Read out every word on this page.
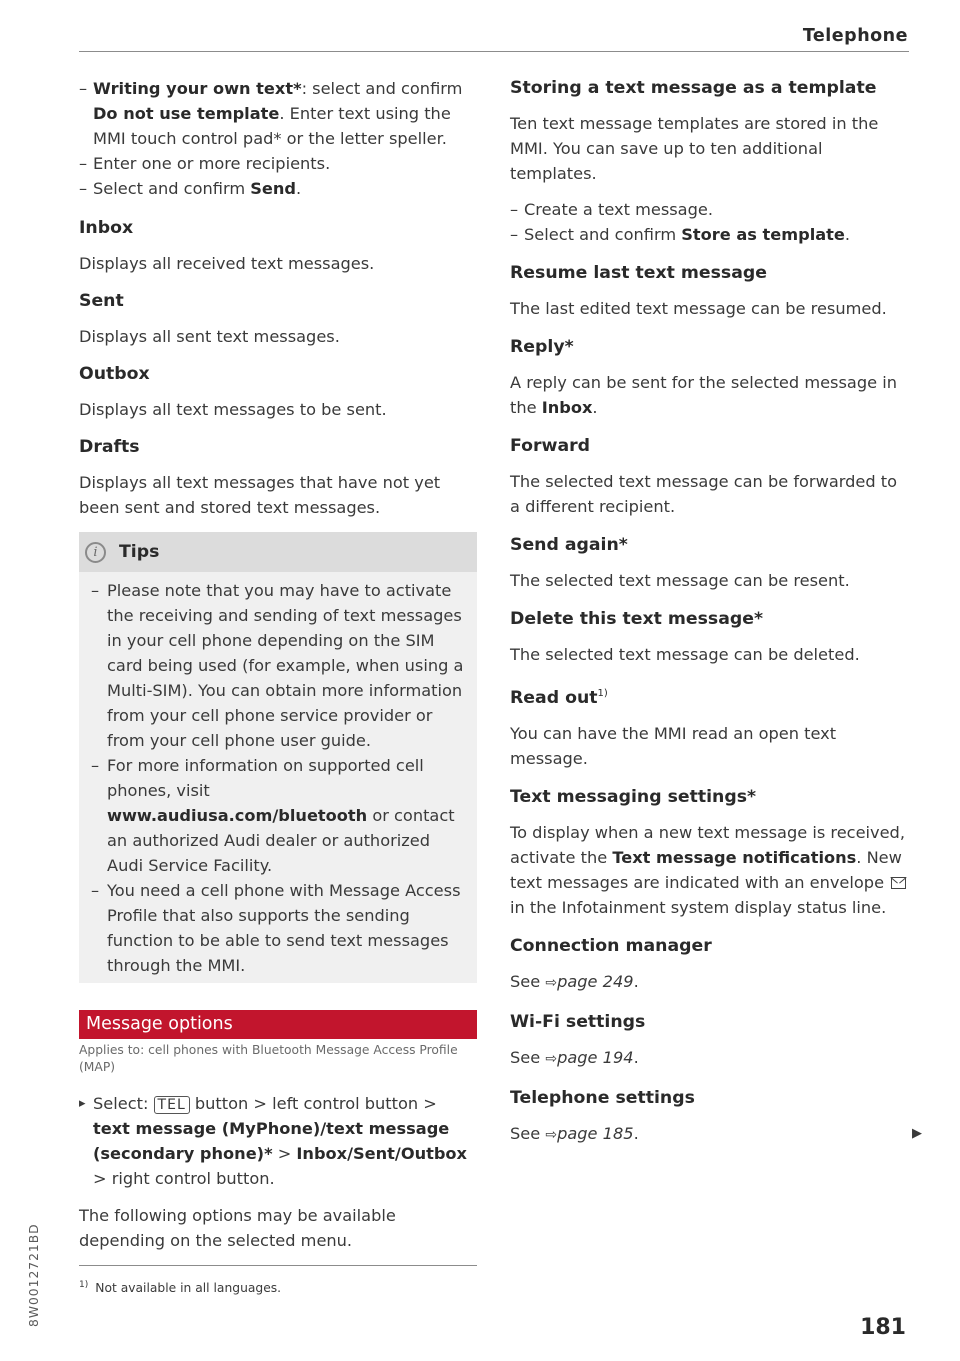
Telephone
– Writing your own text*: select and confirm Do not use template. Enter text using the MMI touch control pad* or the letter speller.
– Enter one or more recipients.
– Select and confirm Send.
Inbox

Displays all received text messages.

Sent

Displays all sent text messages.

Outbox

Displays all text messages to be sent.

Drafts

Displays all text messages that have not yet been sent and stored text messages.

i	Tips
– Please note that you may have to activate the receiving and sending of text messages in your cell phone depending on the SIM card being used (for example, when using a Multi-SIM). You can obtain more information from your cell phone service provider or from your cell phone user guide.
– For more information on supported cell phones, visit www.audiusa.com/bluetooth or contact an authorized Audi dealer or authorized Audi Service Facility.
– You need a cell phone with Message Access Profile that also supports the sending function to be able to send text messages through the MMI.
Message options
Applies to: cell phones with Bluetooth Message Access Profile (MAP)
▸ Select: TEL button > left control button > text message (MyPhone)/text message (secondary phone)* > Inbox/Sent/Outbox > right control button.

The following options may be available depending on the selected menu.

$^{1)}$ Not available in all languages.
Storing a text message as a template

Ten text message templates are stored in the MMI. You can save up to ten additional templates.

– Create a text message.
– Select and confirm Store as template.
Resume last text message

The last edited text message can be resumed.

Reply*

A reply can be sent for the selected message in the Inbox.

Forward

The selected text message can be forwarded to a different recipient.

Send again*

The selected text message can be resent.

Delete this text message*

The selected text message can be deleted.

Read out$^{1)}$

You can have the MMI read an open text message.

Text messaging settings*

To display when a new text message is received, activate the Text message notifications. New text messages are indicated with an envelope  in the Infotainment system display status line.

Connection manager

See ⇨page 249.

Wi-Fi settings

See ⇨page 194.

Telephone settings

See ⇨page 185.	▶
181
8W0012721BD
